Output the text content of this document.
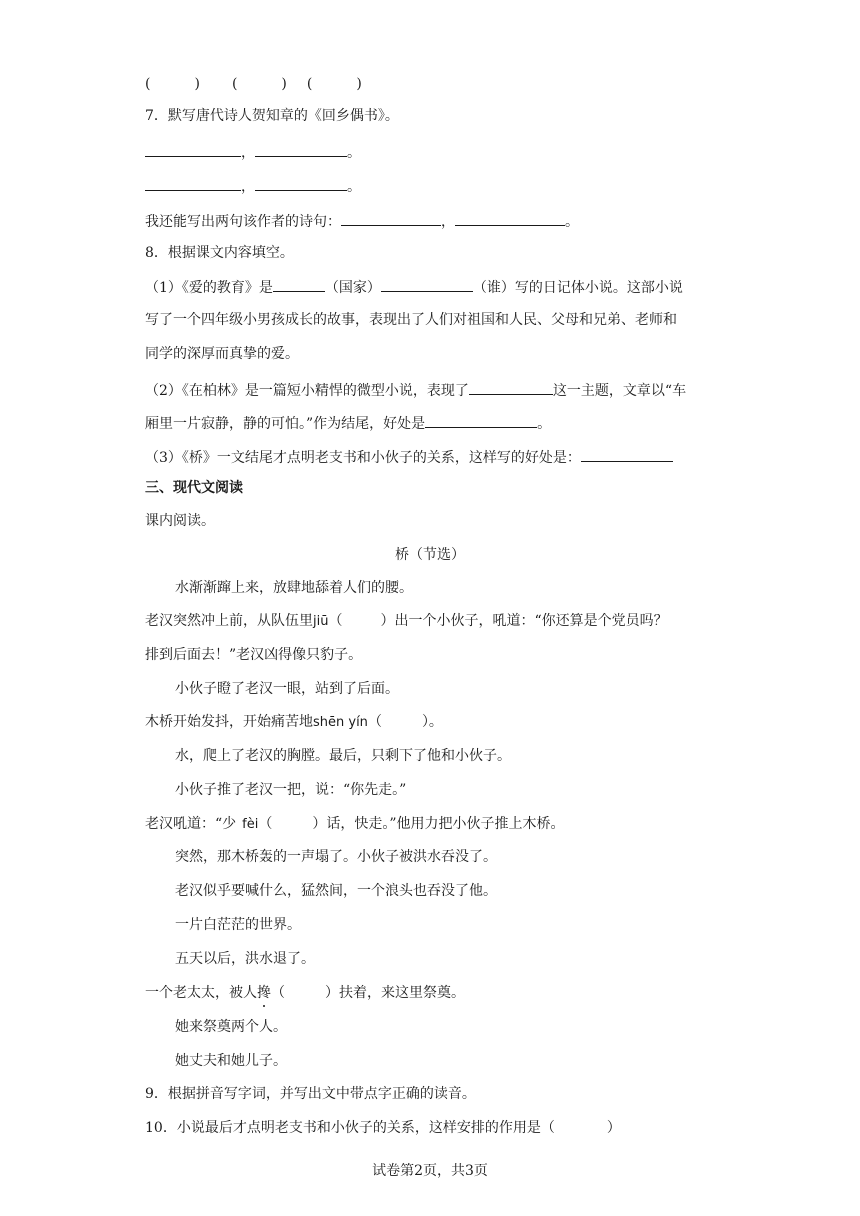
(	) (	) (	)
7．默写唐代诗人贺知章的《回乡偶书》。
，	。
，	。
我还能写出两句该作者的诗句：	，	。
8．根据课文内容填空。
（1）《爱的教育》是	（国家）	（谁）写的日记体小说。这部小说
写了一个四年级小男孩成长的故事，表现出了人们对祖国和人民、父母和兄弟、老师和
同学的深厚而真挚的爱。
（2）《在柏林》是一篇短小精悍的微型小说，表现了	这一主题，文章以“车
厢里一片寂静，静的可怕。”作为结尾，好处是	。
（3）《桥》一文结尾才点明老支书和小伙子的关系，这样写的好处是：
三、现代文阅读
课内阅读。
桥（节选）
水渐渐蹿上来，放肆地舔着人们的腰。
老汉突然冲上前，从队伍里jiū（	）出一个小伙子，吼道：“你还算是个党员吗？
排到后面去！”老汉凶得像只豹子。
小伙子瞪了老汉一眼，站到了后面。
木桥开始发抖，开始痛苦地shēn yín（	）。
水，爬上了老汉的胸膛。最后，只剩下了他和小伙子。
小伙子推了老汉一把，说：“你先走。”
老汉吼道：“少 fèi（	）话，快走。”他用力把小伙子推上木桥。
突然，那木桥轰的一声塌了。小伙子被洪水吞没了。
老汉似乎要喊什么，猛然间，一个浪头也吞没了他。
一片白茫茫的世界。
五天以后，洪水退了。
一个老太太，被人搀（	）扶着，来这里祭奠。
她来祭奠两个人。
她丈夫和她儿子。
9．根据拼音写字词，并写出文中带点字正确的读音。
10．小说最后才点明老支书和小伙子的关系，这样安排的作用是（	）
试卷第2页，共3页
